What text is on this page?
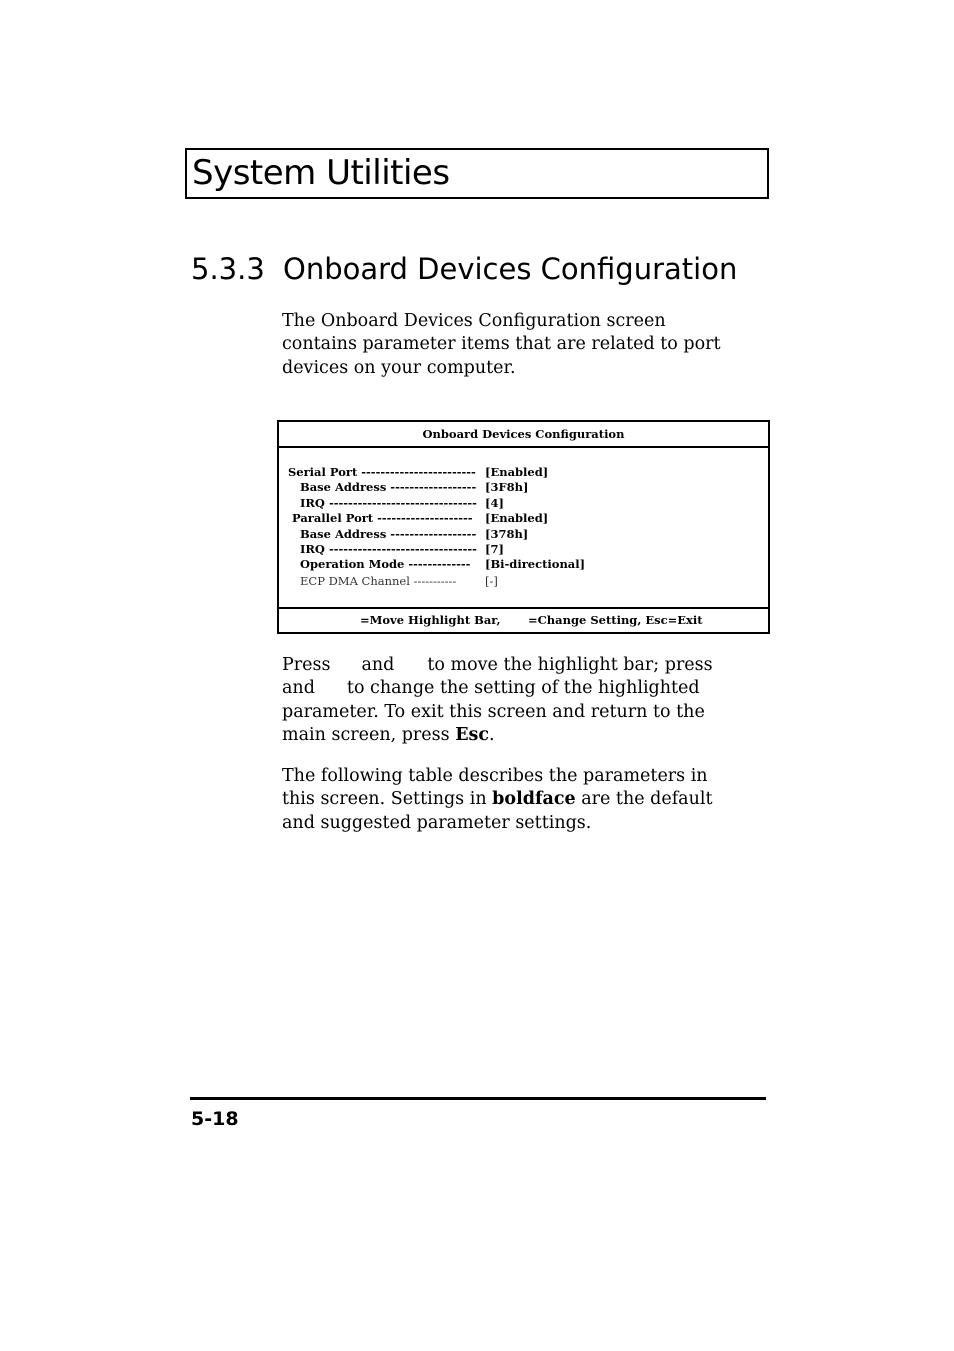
System Utilities
5.3.3 Onboard Devices Configuration
The Onboard Devices Configuration screen
contains parameter items that are related to port
devices on your computer.
Onboard Devices Configuration
Serial Port ------------------------ [Enabled]
Base Address ------------------ [3F8h]
IRQ ------------------------------- [4]
Parallel Port -------------------- [Enabled]
Base Address ------------------ [378h]
IRQ ------------------------------- [7]
Operation Mode ------------- [Bi-directional]
ECP DMA Channel ----------- [-]
=Move Highlight Bar, =Change Setting, Esc=Exit
Press and to move the highlight bar; press
and to change the setting of the highlighted
parameter. To exit this screen and return to the
main screen, press Esc.
The following table describes the parameters in
this screen. Settings in boldface are the default
and suggested parameter settings.
5-18
